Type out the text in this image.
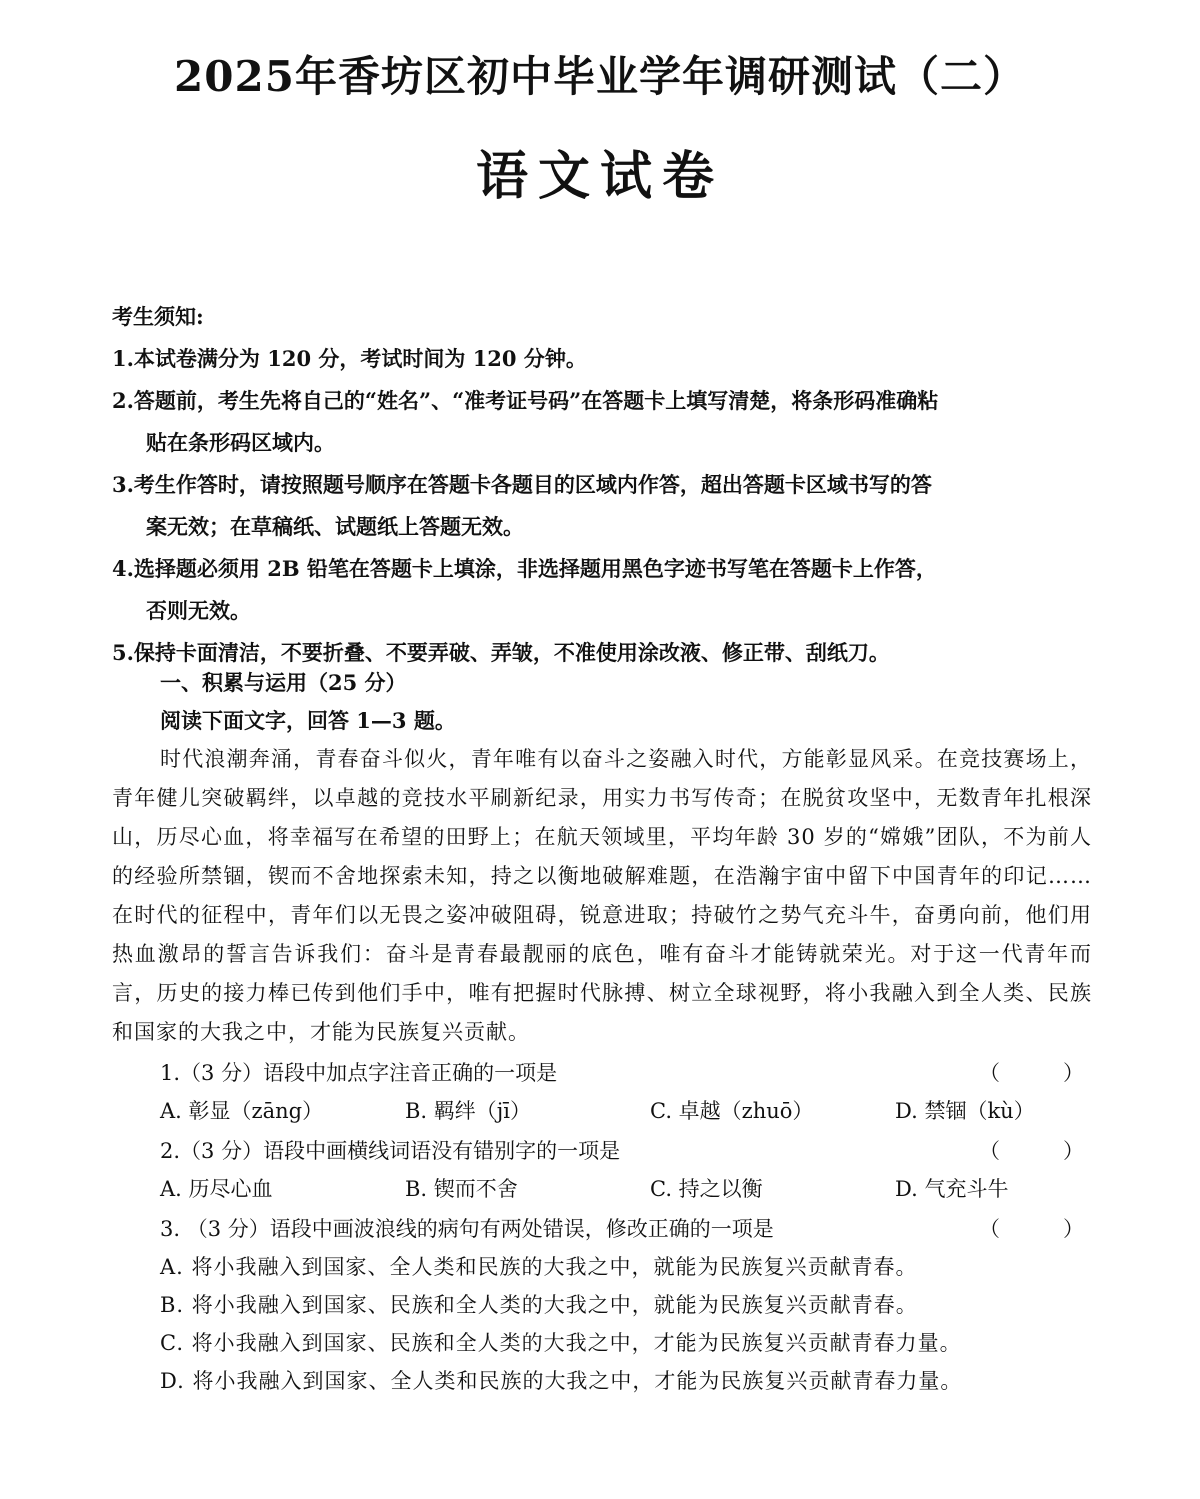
2025年香坊区初中毕业学年调研测试（二）
语文试卷
考生须知:
1.本试卷满分为 120 分，考试时间为 120 分钟。
2.答题前，考生先将自己的“姓名”、“准考证号码”在答题卡上填写清楚，将条形码准确粘
贴在条形码区域内。
3.考生作答时，请按照题号顺序在答题卡各题目的区域内作答，超出答题卡区域书写的答
案无效；在草稿纸、试题纸上答题无效。
4.选择题必须用 2B 铅笔在答题卡上填涂，非选择题用黑色字迹书写笔在答题卡上作答，
否则无效。
5.保持卡面清洁，不要折叠、不要弄破、弄皱，不准使用涂改液、修正带、刮纸刀。
一、积累与运用（25 分）
阅读下面文字，回答 1—3 题。
时代浪潮奔涌，青春奋斗似火，青年唯有以奋斗之姿融入时代，方能彰显风采。在竞技赛场上，青年健儿突破羁绊，以卓越的竞技水平刷新纪录，用实力书写传奇；在脱贫攻坚中，无数青年扎根深山，历尽心血，将幸福写在希望的田野上；在航天领域里，平均年龄 30 岁的“嫦娥”团队，不为前人的经验所禁锢，锲而不舍地探索未知，持之以衡地破解难题，在浩瀚宇宙中留下中国青年的印记……在时代的征程中，青年们以无畏之姿冲破阻碍，锐意进取；持破竹之势气充斗牛，奋勇向前，他们用热血激昂的誓言告诉我们：奋斗是青春最靓丽的底色，唯有奋斗才能铸就荣光。对于这一代青年而言，历史的接力棒已传到他们手中，唯有把握时代脉搏、树立全球视野，将小我融入到全人类、民族和国家的大我之中，才能为民族复兴贡献。
1.（3 分）语段中加点字注音正确的一项是	（　　　）
A. 彰显（zāng）	B. 羁绊（jī）	C. 卓越（zhuō）	D. 禁锢（kù）
2.（3 分）语段中画横线词语没有错别字的一项是	（　　　）
A. 历尽心血	B. 锲而不舍	C. 持之以衡	D. 气充斗牛
3. （3 分）语段中画波浪线的病句有两处错误，修改正确的一项是	（　　　）
A. 将小我融入到国家、全人类和民族的大我之中，就能为民族复兴贡献青春。
B. 将小我融入到国家、民族和全人类的大我之中，就能为民族复兴贡献青春。
C. 将小我融入到国家、民族和全人类的大我之中，才能为民族复兴贡献青春力量。
D. 将小我融入到国家、全人类和民族的大我之中，才能为民族复兴贡献青春力量。
